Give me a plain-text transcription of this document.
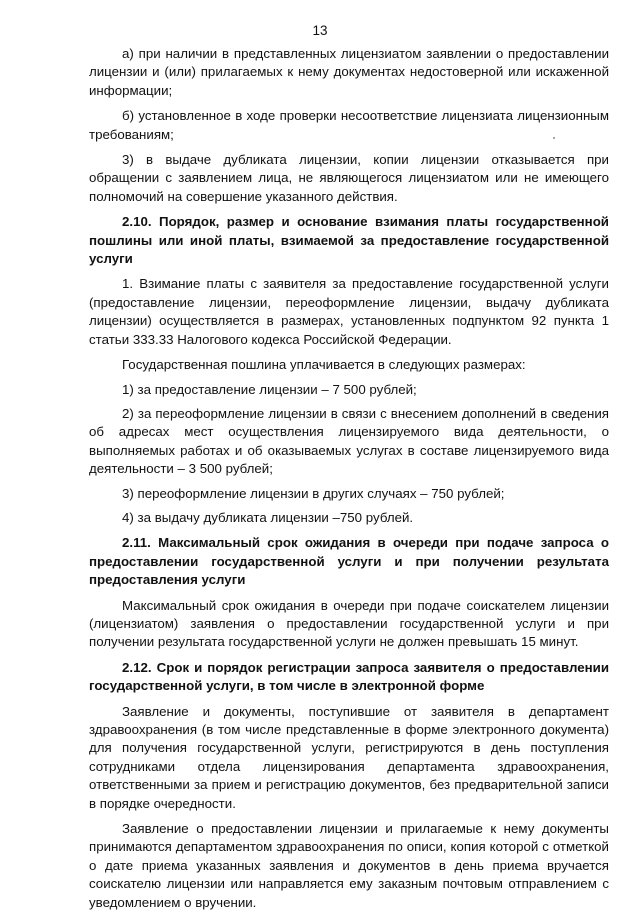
13

а) при наличии в представленных лицензиатом заявлении о предоставлении лицензии и (или) прилагаемых к нему документах недостоверной или искаженной информации;

б) установленное в ходе проверки несоответствие лицензиата лицензионным требованиям;

3) в выдаче дубликата лицензии, копии лицензии отказывается при обращении с заявлением лица, не являющегося лицензиатом или не имеющего полномочий на совершение указанного действия.

2.10. Порядок, размер и основание взимания платы государственной пошлины или иной платы, взимаемой за предоставление государственной услуги

1. Взимание платы с заявителя за предоставление государственной услуги (предоставление лицензии, переоформление лицензии, выдачу дубликата лицензии) осуществляется в размерах, установленных подпунктом 92 пункта 1 статьи 333.33 Налогового кодекса Российской Федерации.

Государственная пошлина уплачивается в следующих размерах:

1) за предоставление лицензии – 7 500 рублей;

2) за переоформление лицензии в связи с внесением дополнений в сведения об адресах мест осуществления лицензируемого вида деятельности, о выполняемых работах и об оказываемых услугах в составе лицензируемого вида деятельности – 3 500 рублей;

3) переоформление лицензии в других случаях – 750 рублей;

4) за выдачу дубликата лицензии –750 рублей.

2.11. Максимальный срок ожидания в очереди при подаче запроса о предоставлении государственной услуги и при получении результата предоставления услуги

Максимальный срок ожидания в очереди при подаче соискателем лицензии (лицензиатом) заявления о предоставлении государственной услуги и при получении результата государственной услуги не должен превышать 15 минут.

2.12. Срок и порядок регистрации запроса заявителя о предоставлении государственной услуги, в том числе в электронной форме

Заявление и документы, поступившие от заявителя в департамент здравоохранения (в том числе представленные в форме электронного документа) для получения государственной услуги, регистрируются в день поступления сотрудниками отдела лицензирования департамента здравоохранения, ответственными за прием и регистрацию документов, без предварительной записи в порядке очередности.

Заявление о предоставлении лицензии и прилагаемые к нему документы принимаются департаментом здравоохранения по описи, копия которой с отметкой о дате приема указанных заявления и документов в день приема вручается соискателю лицензии или направляется ему заказным почтовым отправлением с уведомлением о вручении.
